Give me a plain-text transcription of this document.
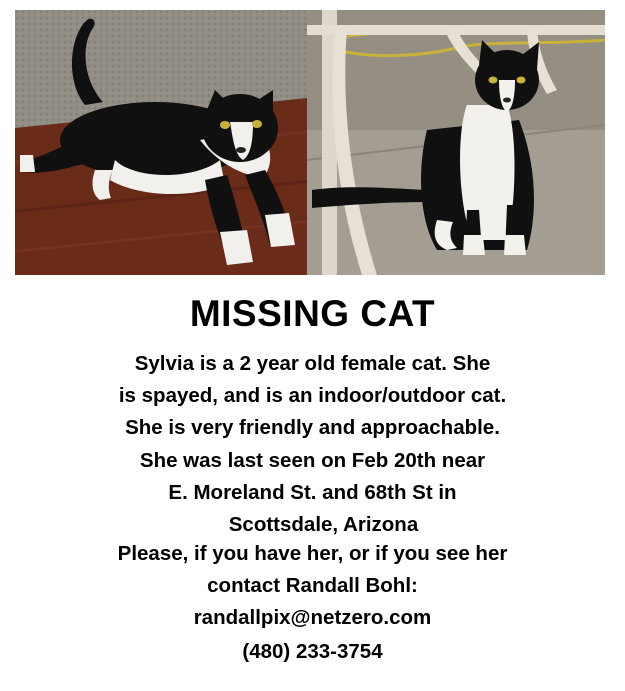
MISSING CAT
Sylvia is a 2 year old female cat. She
is spayed, and is an indoor/outdoor cat.
She is very friendly and approachable.
She was last seen on Feb 20th near
E. Moreland St. and 68th St in
Scottsdale, Arizona
Please, if you have her, or if you see her
contact Randall Bohl:
randallpix@netzero.com
(480) 233-3754
